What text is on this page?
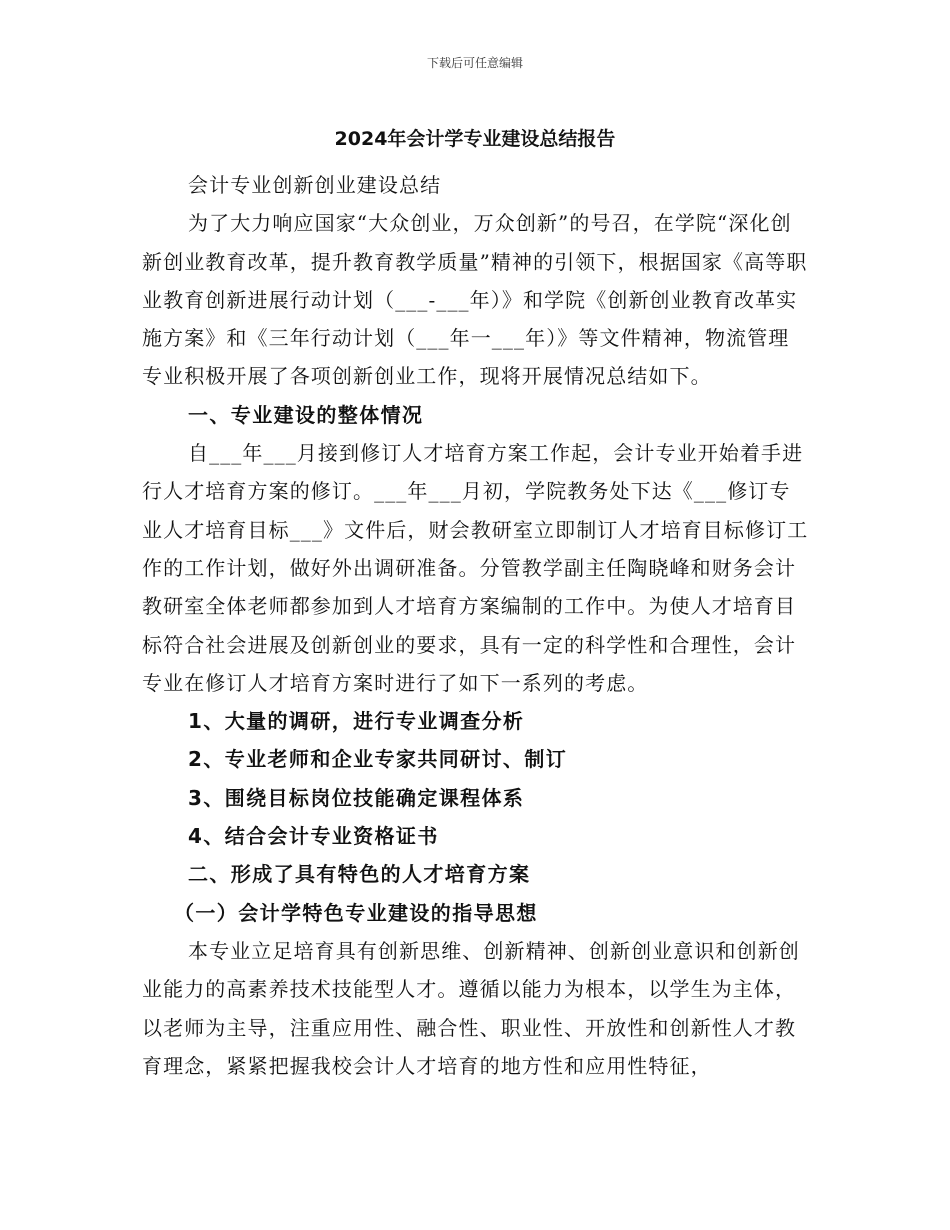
下载后可任意编辑
2024年会计学专业建设总结报告

会计专业创新创业建设总结

为了大力响应国家“大众创业，万众创新”的号召，在学院“深化创新创业教育改革，提升教育教学质量”精神的引领下，根据国家《高等职业教育创新进展行动计划（___-___年）》和学院《创新创业教育改革实施方案》和《三年行动计划（___年一___年）》等文件精神，物流管理专业积极开展了各项创新创业工作，现将开展情况总结如下。

一、专业建设的整体情况

自___年___月接到修订人才培育方案工作起，会计专业开始着手进行人才培育方案的修订。___年___月初，学院教务处下达《___修订专业人才培育目标___》文件后，财会教研室立即制订人才培育目标修订工作的工作计划，做好外出调研准备。分管教学副主任陶晓峰和财务会计教研室全体老师都参加到人才培育方案编制的工作中。为使人才培育目标符合社会进展及创新创业的要求，具有一定的科学性和合理性，会计专业在修订人才培育方案时进行了如下一系列的考虑。

1、大量的调研，进行专业调查分析

2、专业老师和企业专家共同研讨、制订

3、围绕目标岗位技能确定课程体系

4、结合会计专业资格证书

二、形成了具有特色的人才培育方案

（一）会计学特色专业建设的指导思想

本专业立足培育具有创新思维、创新精神、创新创业意识和创新创业能力的高素养技术技能型人才。遵循以能力为根本，以学生为主体，以老师为主导，注重应用性、融合性、职业性、开放性和创新性人才教育理念，紧紧把握我校会计人才培育的地方性和应用性特征，
